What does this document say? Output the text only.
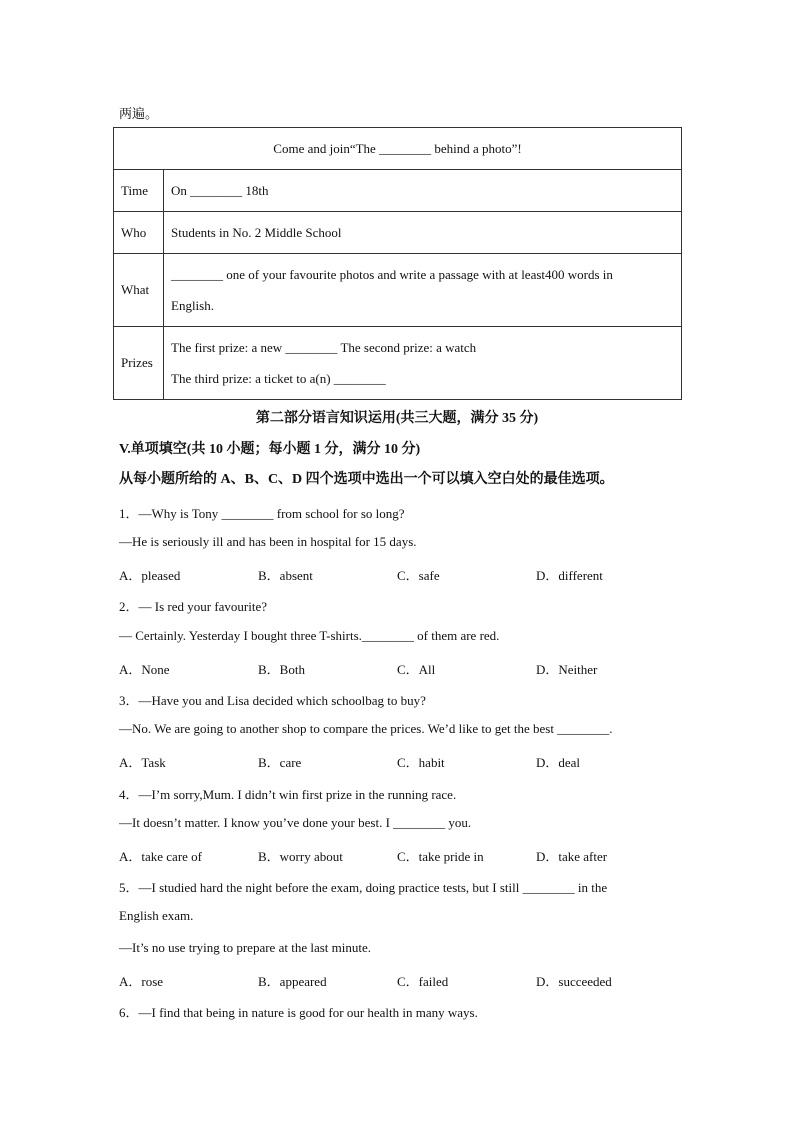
两遍。
Come and join“The ________ behind a photo”!	
Time	On ________ 18th
Who	Students in No. 2 Middle School
What	________ one of your favourite photos and write a passage with at least400 words in
English.

Prizes	The first prize: a new ________ The second prize: a watch
The third prize: a ticket to a(n) ________
第二部分语言知识运用(共三大题，满分 35 分)
V.单项填空(共 10 小题；每小题 1 分，满分 10 分)
从每小题所给的 A、B、C、D 四个选项中选出一个可以填入空白处的最佳选项。
1．—Why is Tony ________ from school for so long?
—He is seriously ill and has been in hospital for 15 days.
A．pleased	B．absent	C．safe	D．different
2．— Is red your favourite?
— Certainly. Yesterday I bought three T-shirts.________ of them are red.
A．None	B．Both	C．All	D．Neither
3．—Have you and Lisa decided which schoolbag to buy?
—No. We are going to another shop to compare the prices. We’d like to get the best ________.
A．Task	B．care	C．habit	D．deal
4．—I’m sorry,Mum. I didn’t win first prize in the running race.
—It doesn’t matter. I know you’ve done your best. I ________ you.
A．take care of	B．worry about	C．take pride in	D．take after
5．—I studied hard the night before the exam, doing practice tests, but I still ________ in the
English exam.
—It’s no use trying to prepare at the last minute.
A．rose	B．appeared	C．failed	D．succeeded
6．—I find that being in nature is good for our health in many ways.
